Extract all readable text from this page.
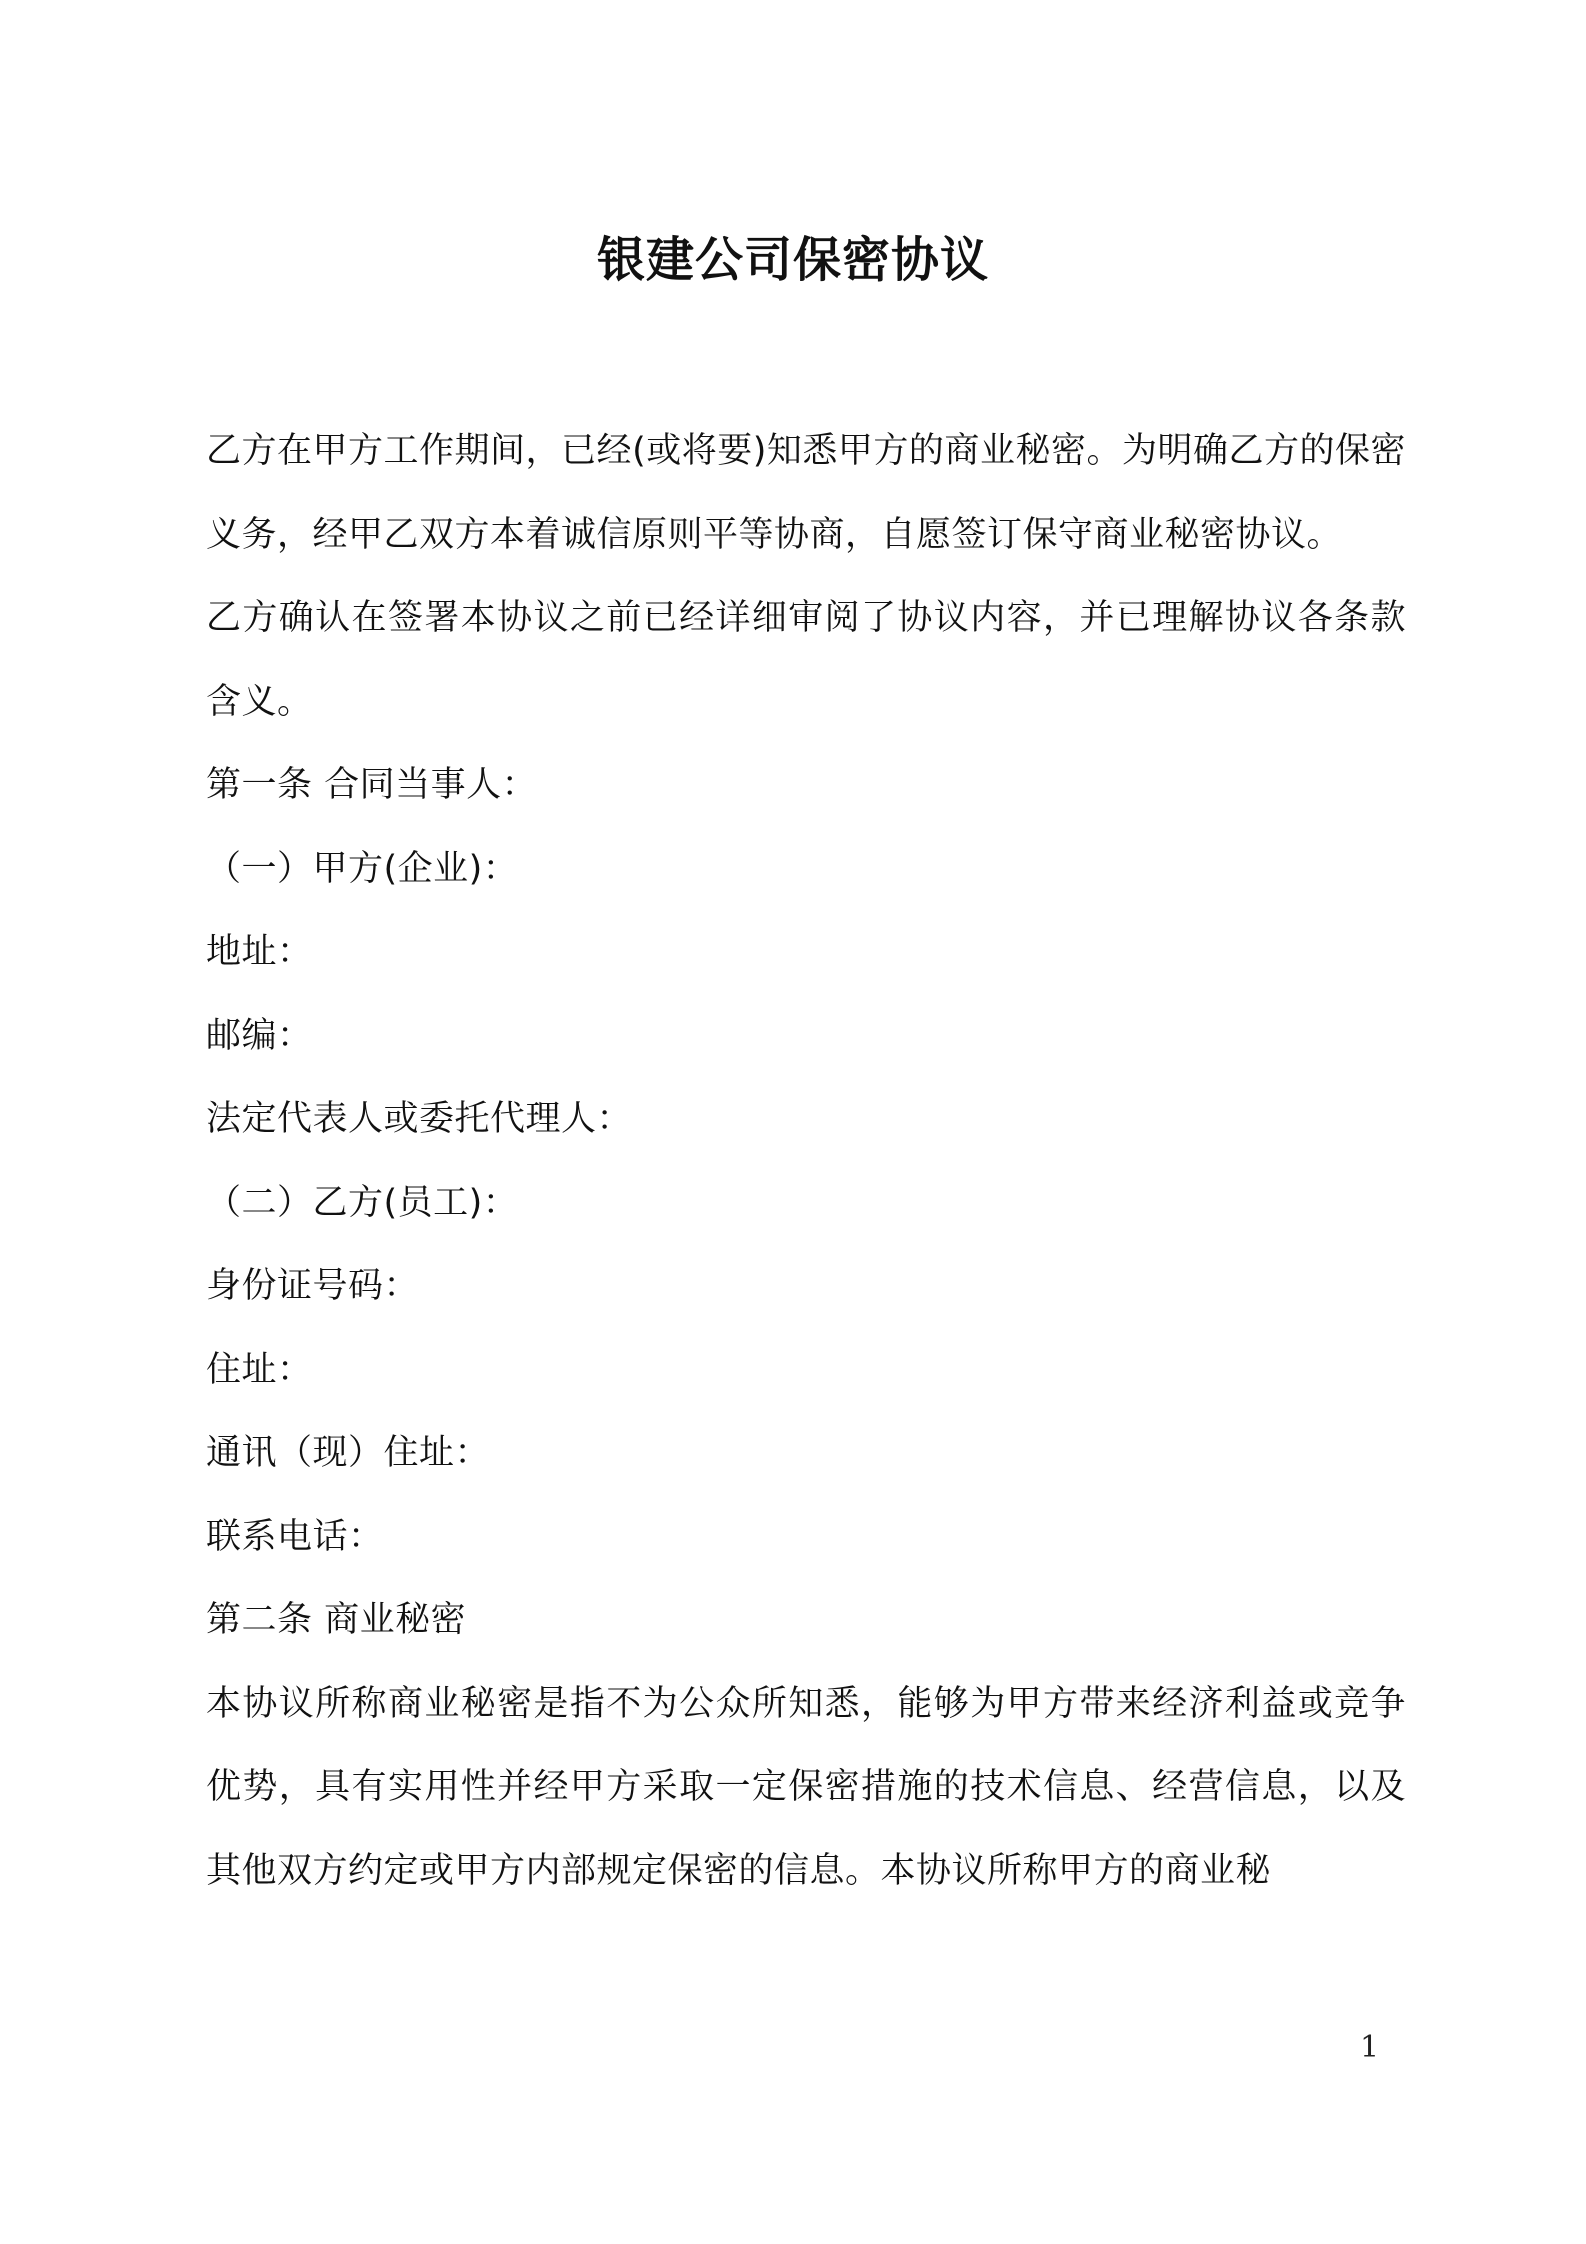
银建公司保密协议

乙方在甲方工作期间，已经(或将要)知悉甲方的商业秘密。为明确乙方的保密义务，经甲乙双方本着诚信原则平等协商，自愿签订保守商业秘密协议。

乙方确认在签署本协议之前已经详细审阅了协议内容，并已理解协议各条款含义。

第一条 合同当事人：

（一）甲方(企业)：

地址：

邮编：

法定代表人或委托代理人：

（二）乙方(员工)：

身份证号码：

住址：

通讯（现）住址：

联系电话：

第二条 商业秘密

本协议所称商业秘密是指不为公众所知悉，能够为甲方带来经济利益或竞争优势，具有实用性并经甲方采取一定保密措施的技术信息、经营信息，以及其他双方约定或甲方内部规定保密的信息。本协议所称甲方的商业秘

1
